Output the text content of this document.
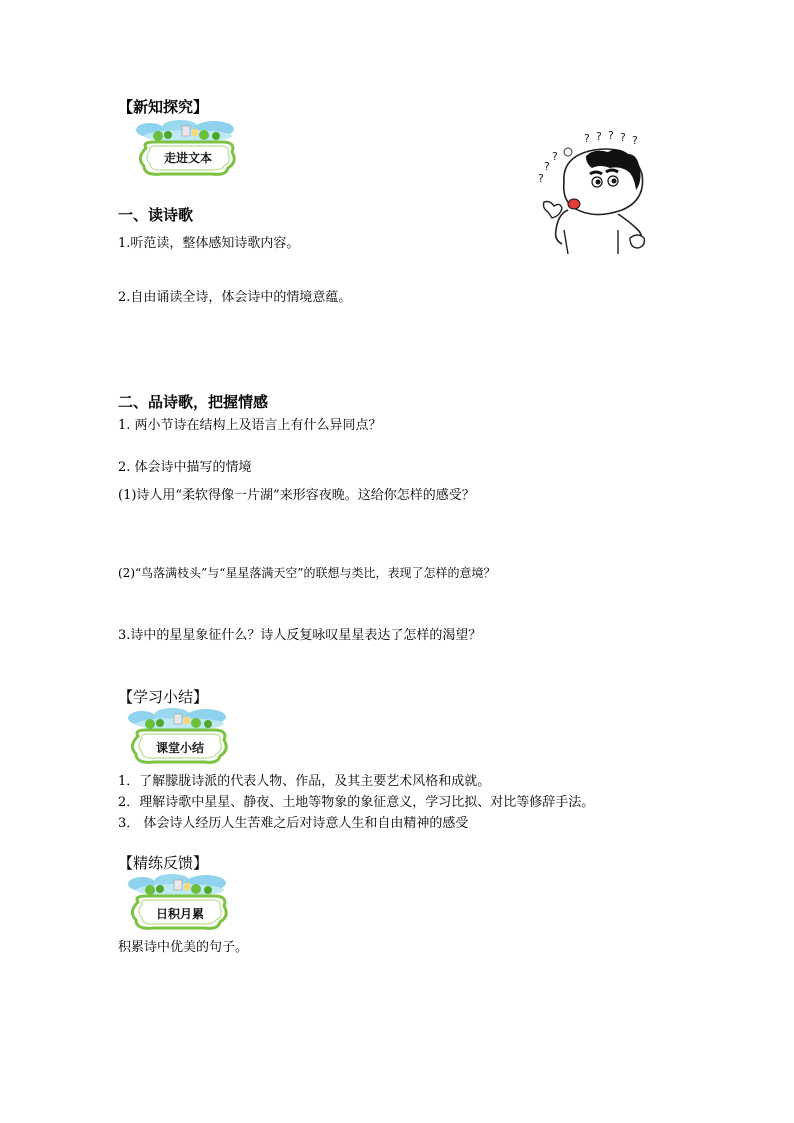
【新知探究】
走进文本
? ? ? ? ?
?
?
?
一、读诗歌
1.听范读，整体感知诗歌内容。
2.自由诵读全诗，体会诗中的情境意蕴。
二、品诗歌，把握情感
1. 两小节诗在结构上及语言上有什么异同点？
2. 体会诗中描写的情境
(1)诗人用“柔软得像一片湖”来形容夜晚。这给你怎样的感受？
(2)“鸟落满枝头”与“星星落满天空”的联想与类比，表现了怎样的意境？
3.诗中的星星象征什么？诗人反复咏叹星星表达了怎样的渴望？
【学习小结】
课堂小结
1．了解朦胧诗派的代表人物、作品，及其主要艺术风格和成就。
2．理解诗歌中星星、静夜、土地等物象的象征意义，学习比拟、对比等修辞手法。
3． 体会诗人经历人生苦难之后对诗意人生和自由精神的感受
【精练反馈】
日积月累
积累诗中优美的句子。
